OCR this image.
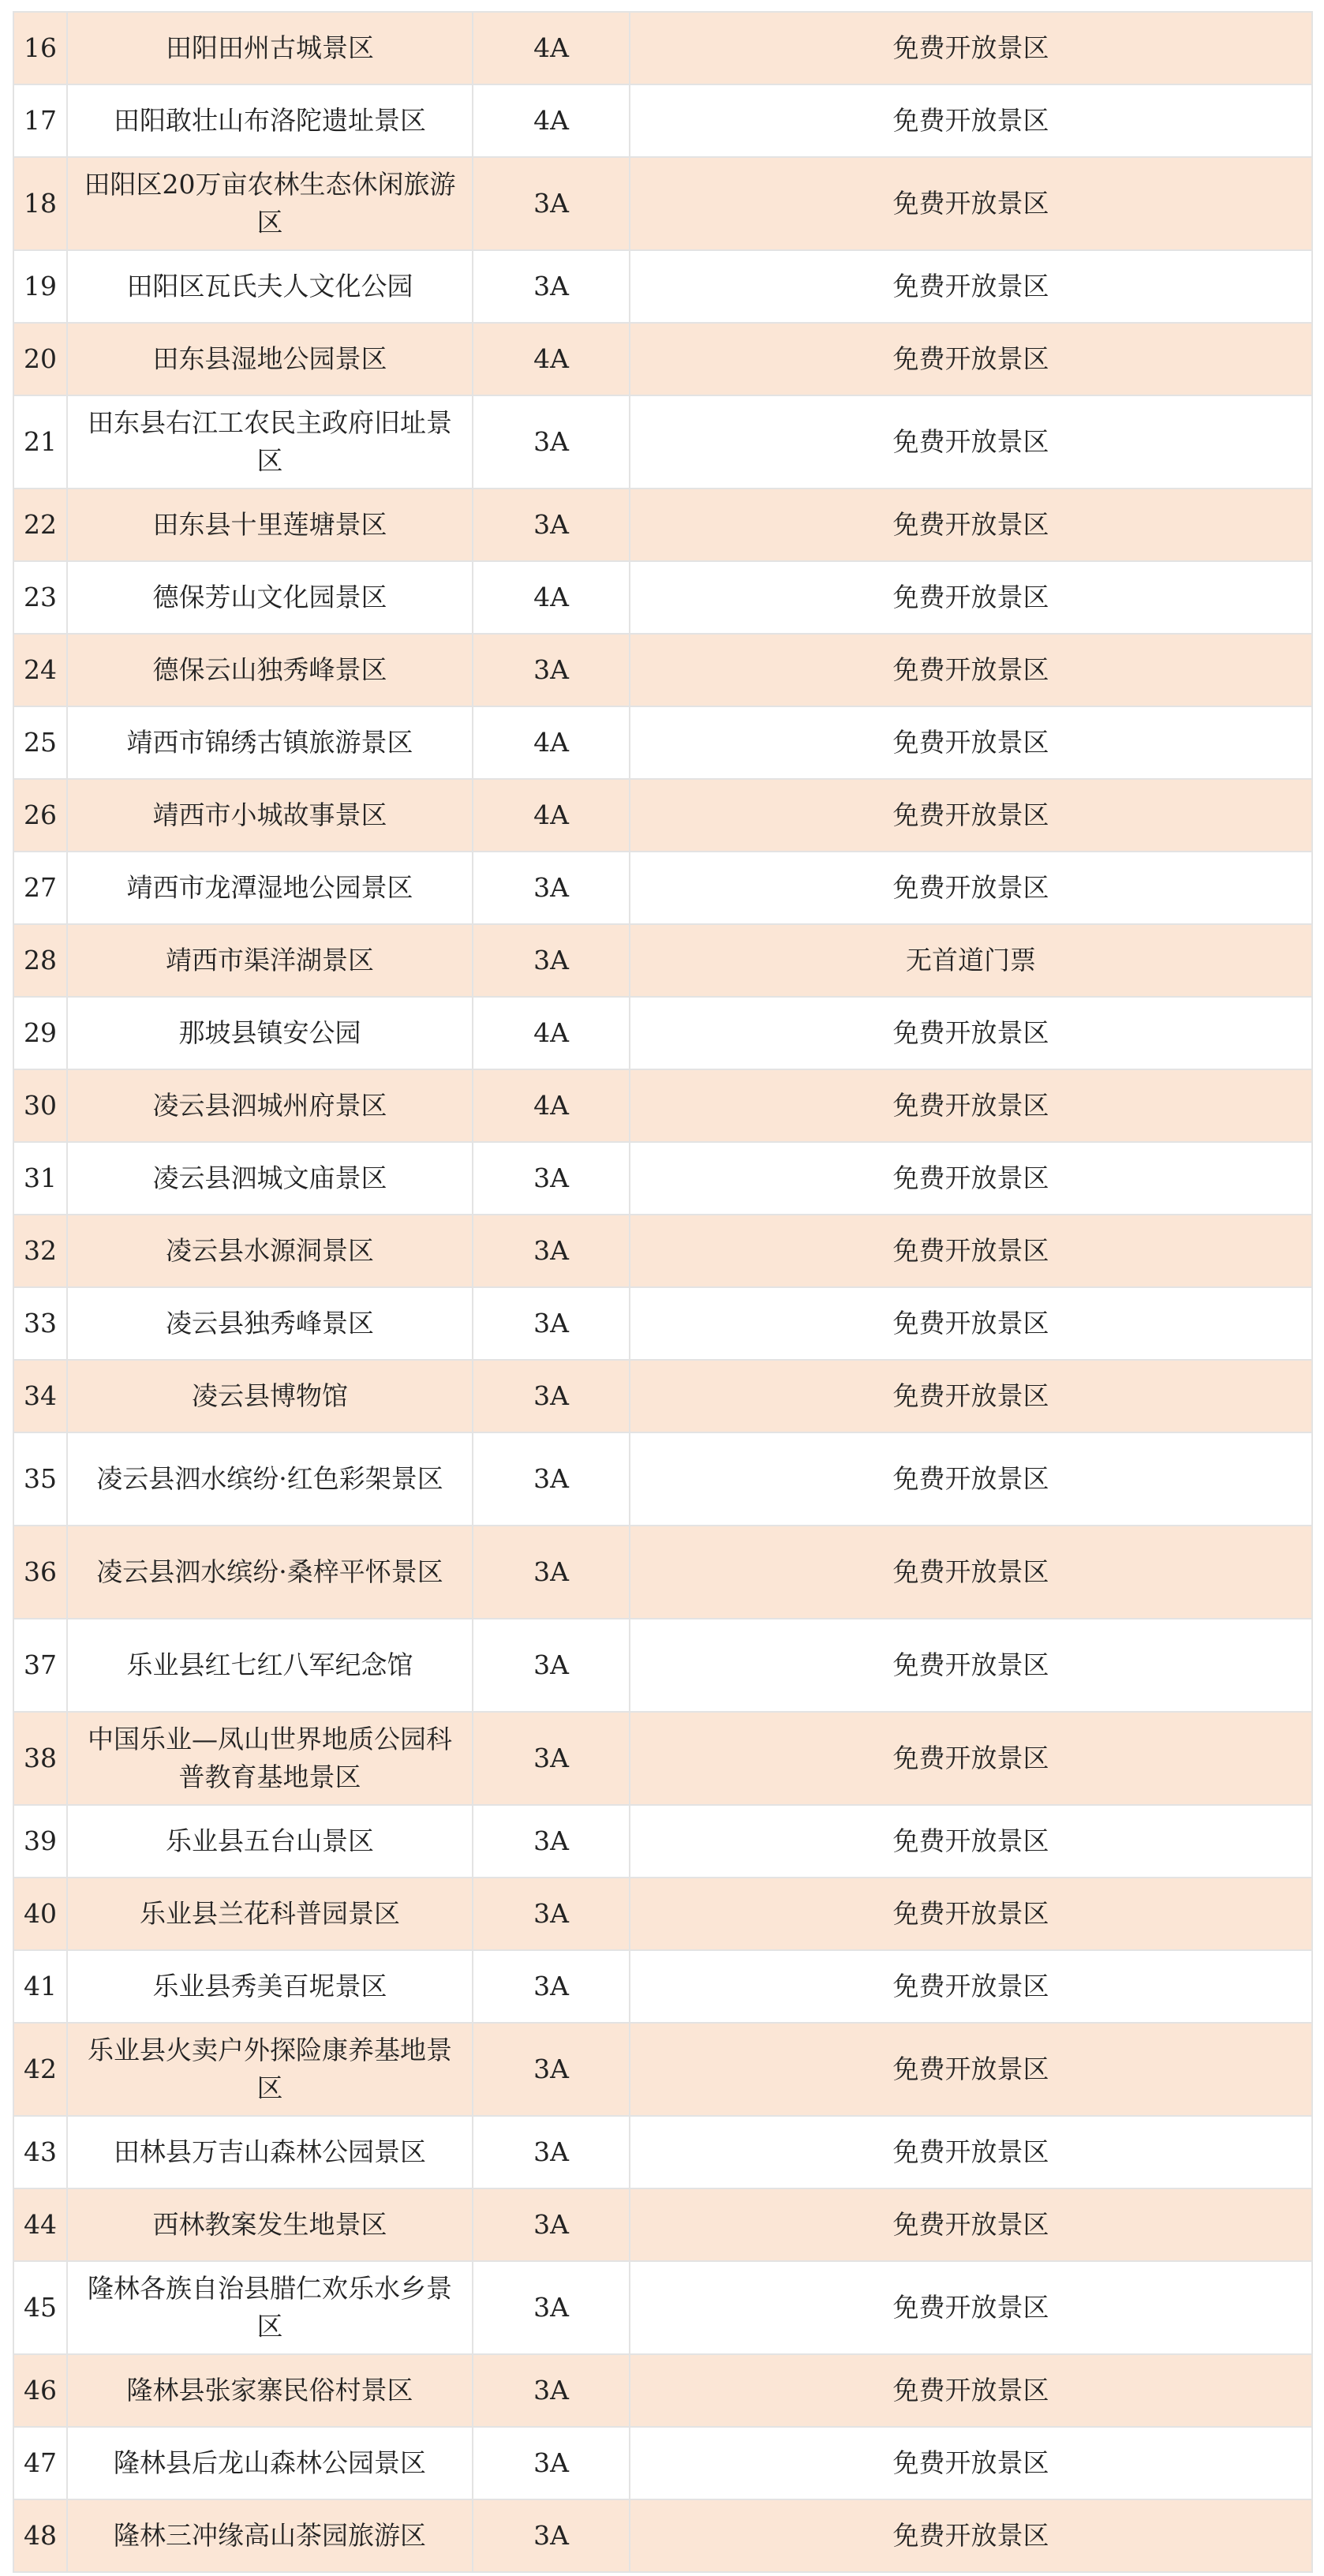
16	田阳田州古城景区	4A	免费开放景区
17	田阳敢壮山布洛陀遗址景区	4A	免费开放景区
18	田阳区20万亩农林生态休闲旅游区	3A	免费开放景区
19	田阳区瓦氏夫人文化公园	3A	免费开放景区
20	田东县湿地公园景区	4A	免费开放景区
21	田东县右江工农民主政府旧址景区	3A	免费开放景区
22	田东县十里莲塘景区	3A	免费开放景区
23	德保芳山文化园景区	4A	免费开放景区
24	德保云山独秀峰景区	3A	免费开放景区
25	靖西市锦绣古镇旅游景区	4A	免费开放景区
26	靖西市小城故事景区	4A	免费开放景区
27	靖西市龙潭湿地公园景区	3A	免费开放景区
28	靖西市渠洋湖景区	3A	无首道门票
29	那坡县镇安公园	4A	免费开放景区
30	凌云县泗城州府景区	4A	免费开放景区
31	凌云县泗城文庙景区	3A	免费开放景区
32	凌云县水源洞景区	3A	免费开放景区
33	凌云县独秀峰景区	3A	免费开放景区
34	凌云县博物馆	3A	免费开放景区
35	凌云县泗水缤纷·红色彩架景区	3A	免费开放景区
36	凌云县泗水缤纷·桑梓平怀景区	3A	免费开放景区
37	乐业县红七红八军纪念馆	3A	免费开放景区
38	中国乐业—凤山世界地质公园科普教育基地景区	3A	免费开放景区
39	乐业县五台山景区	3A	免费开放景区
40	乐业县兰花科普园景区	3A	免费开放景区
41	乐业县秀美百坭景区	3A	免费开放景区
42	乐业县火卖户外探险康养基地景区	3A	免费开放景区
43	田林县万吉山森林公园景区	3A	免费开放景区
44	西林教案发生地景区	3A	免费开放景区
45	隆林各族自治县腊仁欢乐水乡景区	3A	免费开放景区
46	隆林县张家寨民俗村景区	3A	免费开放景区
47	隆林县后龙山森林公园景区	3A	免费开放景区
48	隆林三冲缘高山茶园旅游区	3A	免费开放景区
